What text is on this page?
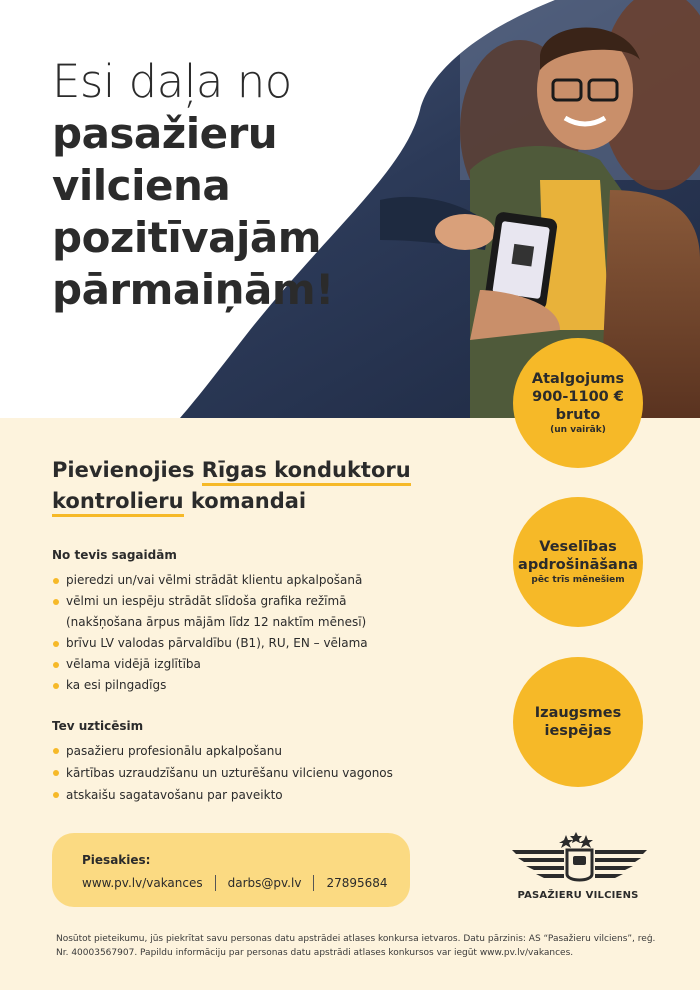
Esi daļa no
pasažieru
vilciena
pozitīvajām
pārmaiņām!
Atalgojums
900-1100 €
bruto
(un vairāk)
Veselības
apdrošināšana
pēc trīs mēnešiem
Izaugsmes
iespējas
Pievienojies Rīgas konduktoru
kontrolieru komandai
No tevis sagaidām
pieredzi un/vai vēlmi strādāt klientu apkalpošanā
vēlmi un iespēju strādāt slīdoša grafika režīmā
(nakšņošana ārpus mājām līdz 12 naktīm mēnesī)
brīvu LV valodas pārvaldību (B1), RU, EN – vēlama
vēlama vidējā izglītība
ka esi pilngadīgs
Tev uzticēsim
pasažieru profesionālu apkalpošanu
kārtības uzraudzīšanu un uzturēšanu vilcienu vagonos
atskaišu sagatavošanu par paveikto
Piesakies:
www.pv.lv/vakances darbs@pv.lv 27895684
PASAŽIERU VILCIENS
Nosūtot pieteikumu, jūs piekrītat savu personas datu apstrādei atlases konkursa ietvaros. Datu pārzinis: AS “Pasažieru vilciens”, reģ. Nr. 40003567907. Papildu informāciju par personas datu apstrādi atlases konkursos var iegūt www.pv.lv/vakances.
